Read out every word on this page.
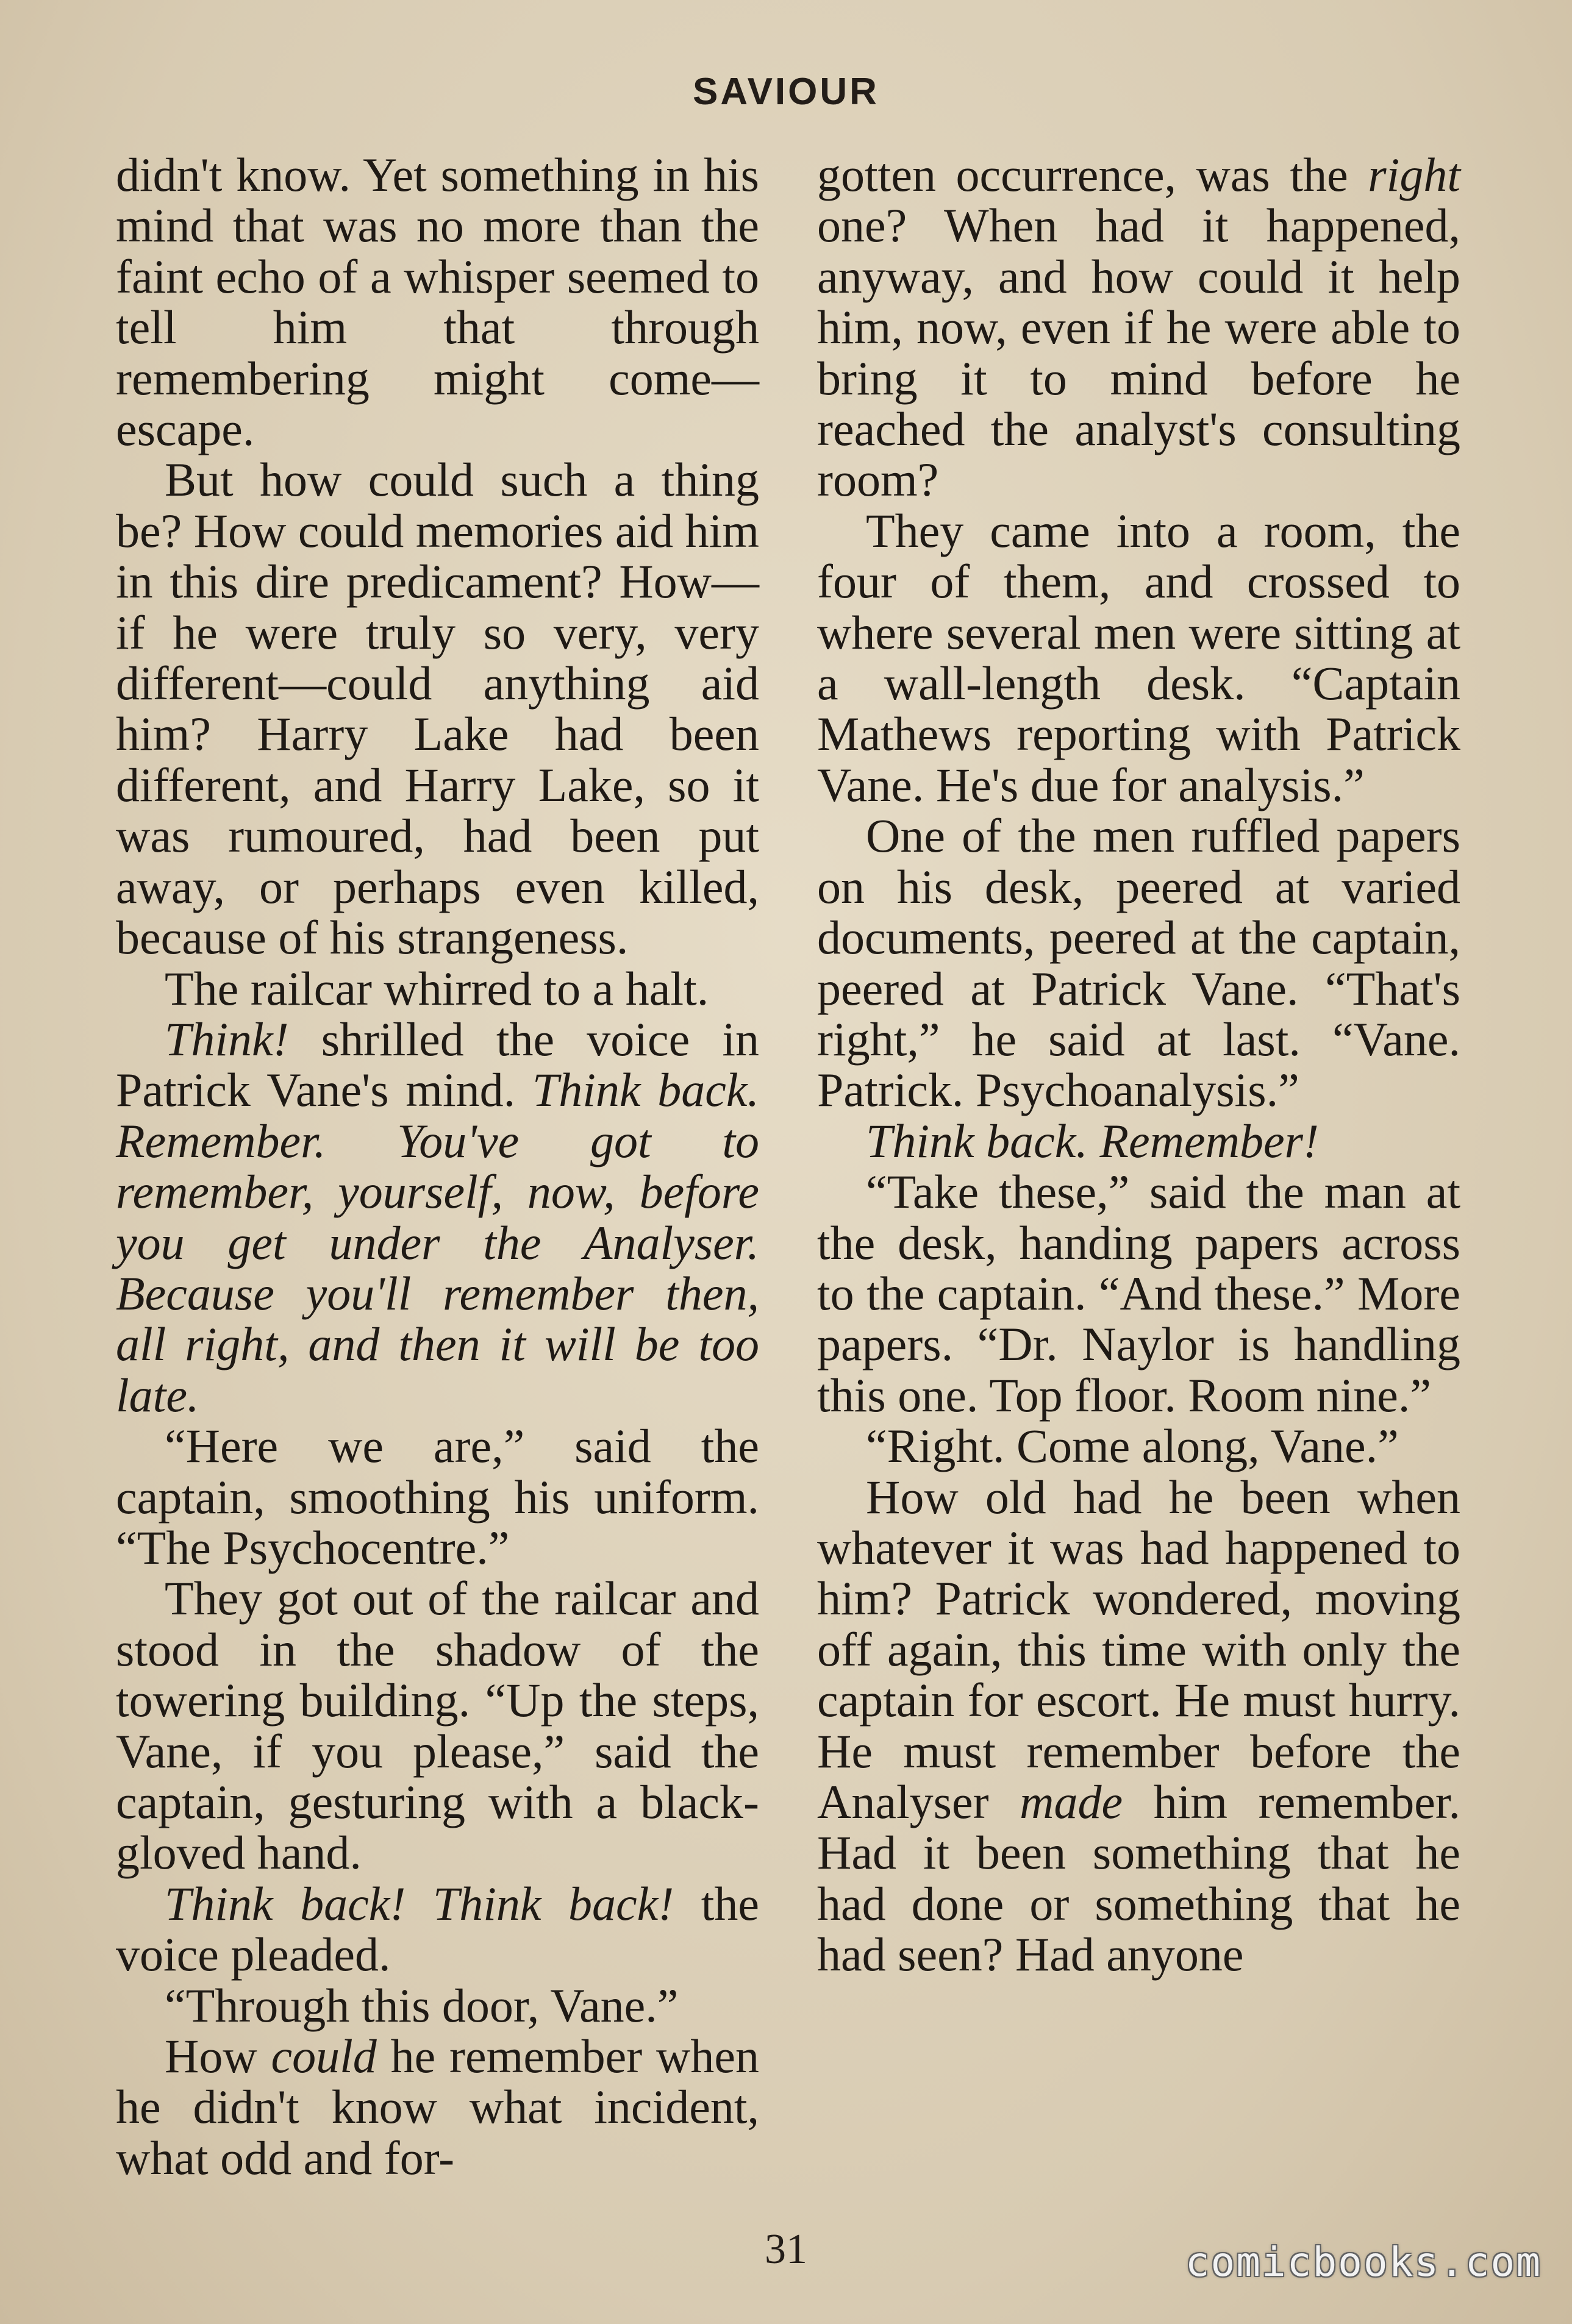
SAVIOUR

didn't know. Yet something in his mind that was no more than the faint echo of a whisper seemed to tell him that through remembering might come—escape.

But how could such a thing be? How could memories aid him in this dire predicament? How—if he were truly so very, very different—could anything aid him? Harry Lake had been different, and Harry Lake, so it was rumoured, had been put away, or perhaps even killed, because of his strangeness.

The railcar whirred to a halt.

Think! shrilled the voice in Patrick Vane's mind. Think back. Remember. You've got to remember, yourself, now, before you get under the Analyser. Because you'll remember then, all right, and then it will be too late.

“Here we are,” said the captain, smoothing his uniform. “The Psychocentre.”

They got out of the railcar and stood in the shadow of the towering building. “Up the steps, Vane, if you please,” said the captain, gesturing with a black-gloved hand.

Think back! Think back! the voice pleaded.

“Through this door, Vane.”

How could he remember when he didn't know what incident, what odd and for-

gotten occurrence, was the right one? When had it happened, anyway, and how could it help him, now, even if he were able to bring it to mind before he reached the analyst's consulting room?

They came into a room, the four of them, and crossed to where several men were sitting at a wall-length desk. “Captain Mathews reporting with Patrick Vane. He's due for analysis.”

One of the men ruffled papers on his desk, peered at varied documents, peered at the captain, peered at Patrick Vane. “That's right,” he said at last. “Vane. Patrick. Psychoanalysis.”

Think back. Remember!

“Take these,” said the man at the desk, handing papers across to the captain. “And these.” More papers. “Dr. Naylor is handling this one. Top floor. Room nine.”

“Right. Come along, Vane.”

How old had he been when whatever it was had happened to him? Patrick wondered, moving off again, this time with only the captain for escort. He must hurry. He must remember before the Analyser made him remember. Had it been something that he had done or something that he had seen? Had anyone

31	comicbooks.com
